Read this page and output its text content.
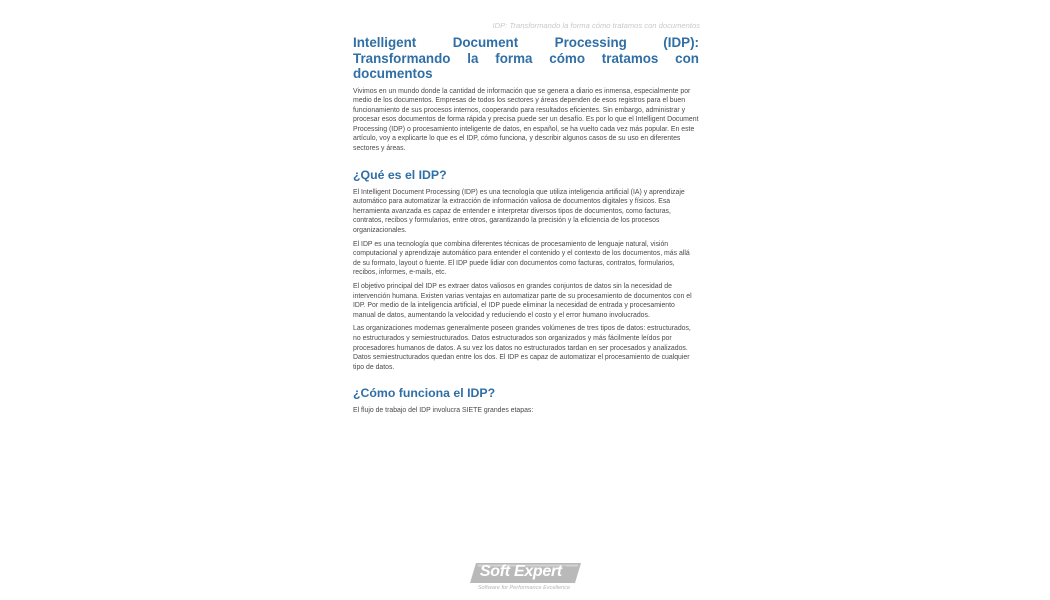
IDP: Transformando la forma cómo tratamos con documentos
Intelligent Document Processing (IDP): Transformando la forma cómo tratamos con documentos

Vivimos en un mundo donde la cantidad de información que se genera a diario es inmensa, especialmente por medio de los documentos. Empresas de todos los sectores y áreas dependen de esos registros para el buen funcionamiento de sus procesos internos, cooperando para resultados eficientes. Sin embargo, administrar y procesar esos documentos de forma rápida y precisa puede ser un desafío. Es por lo que el Intelligent Document Processing (IDP) o procesamiento inteligente de datos, en español, se ha vuelto cada vez más popular. En este artículo, voy a explicarte lo que es el IDP, cómo funciona, y describir algunos casos de su uso en diferentes sectores y áreas.

¿Qué es el IDP?

El Intelligent Document Processing (IDP) es una tecnología que utiliza inteligencia artificial (IA) y aprendizaje automático para automatizar la extracción de información valiosa de documentos digitales y físicos. Esa herramienta avanzada es capaz de entender e interpretar diversos tipos de documentos, como facturas, contratos, recibos y formularios, entre otros, garantizando la precisión y la eficiencia de los procesos organizacionales.

El IDP es una tecnología que combina diferentes técnicas de procesamiento de lenguaje natural, visión computacional y aprendizaje automático para entender el contenido y el contexto de los documentos, más allá de su formato, layout o fuente. El IDP puede lidiar con documentos como facturas, contratos, formularios, recibos, informes, e-mails, etc.

El objetivo principal del IDP es extraer datos valiosos en grandes conjuntos de datos sin la necesidad de intervención humana. Existen varias ventajas en automatizar parte de su procesamiento de documentos con el IDP. Por medio de la inteligencia artificial, el IDP puede eliminar la necesidad de entrada y procesamiento manual de datos, aumentando la velocidad y reduciendo el costo y el error humano involucrados.

Las organizaciones modernas generalmente poseen grandes volúmenes de tres tipos de datos: estructurados, no estructurados y semiestructurados. Datos estructurados son organizados y más fácilmente leídos por procesadores humanos de datos. A su vez los datos no estructurados tardan en ser procesados y analizados. Datos semiestructurados quedan entre los dos. El IDP es capaz de automatizar el procesamiento de cualquier tipo de datos.

¿Cómo funciona el IDP?

El flujo de trabajo del IDP involucra SIETE grandes etapas:

Soft Expert®
Software for Performance Excellence
